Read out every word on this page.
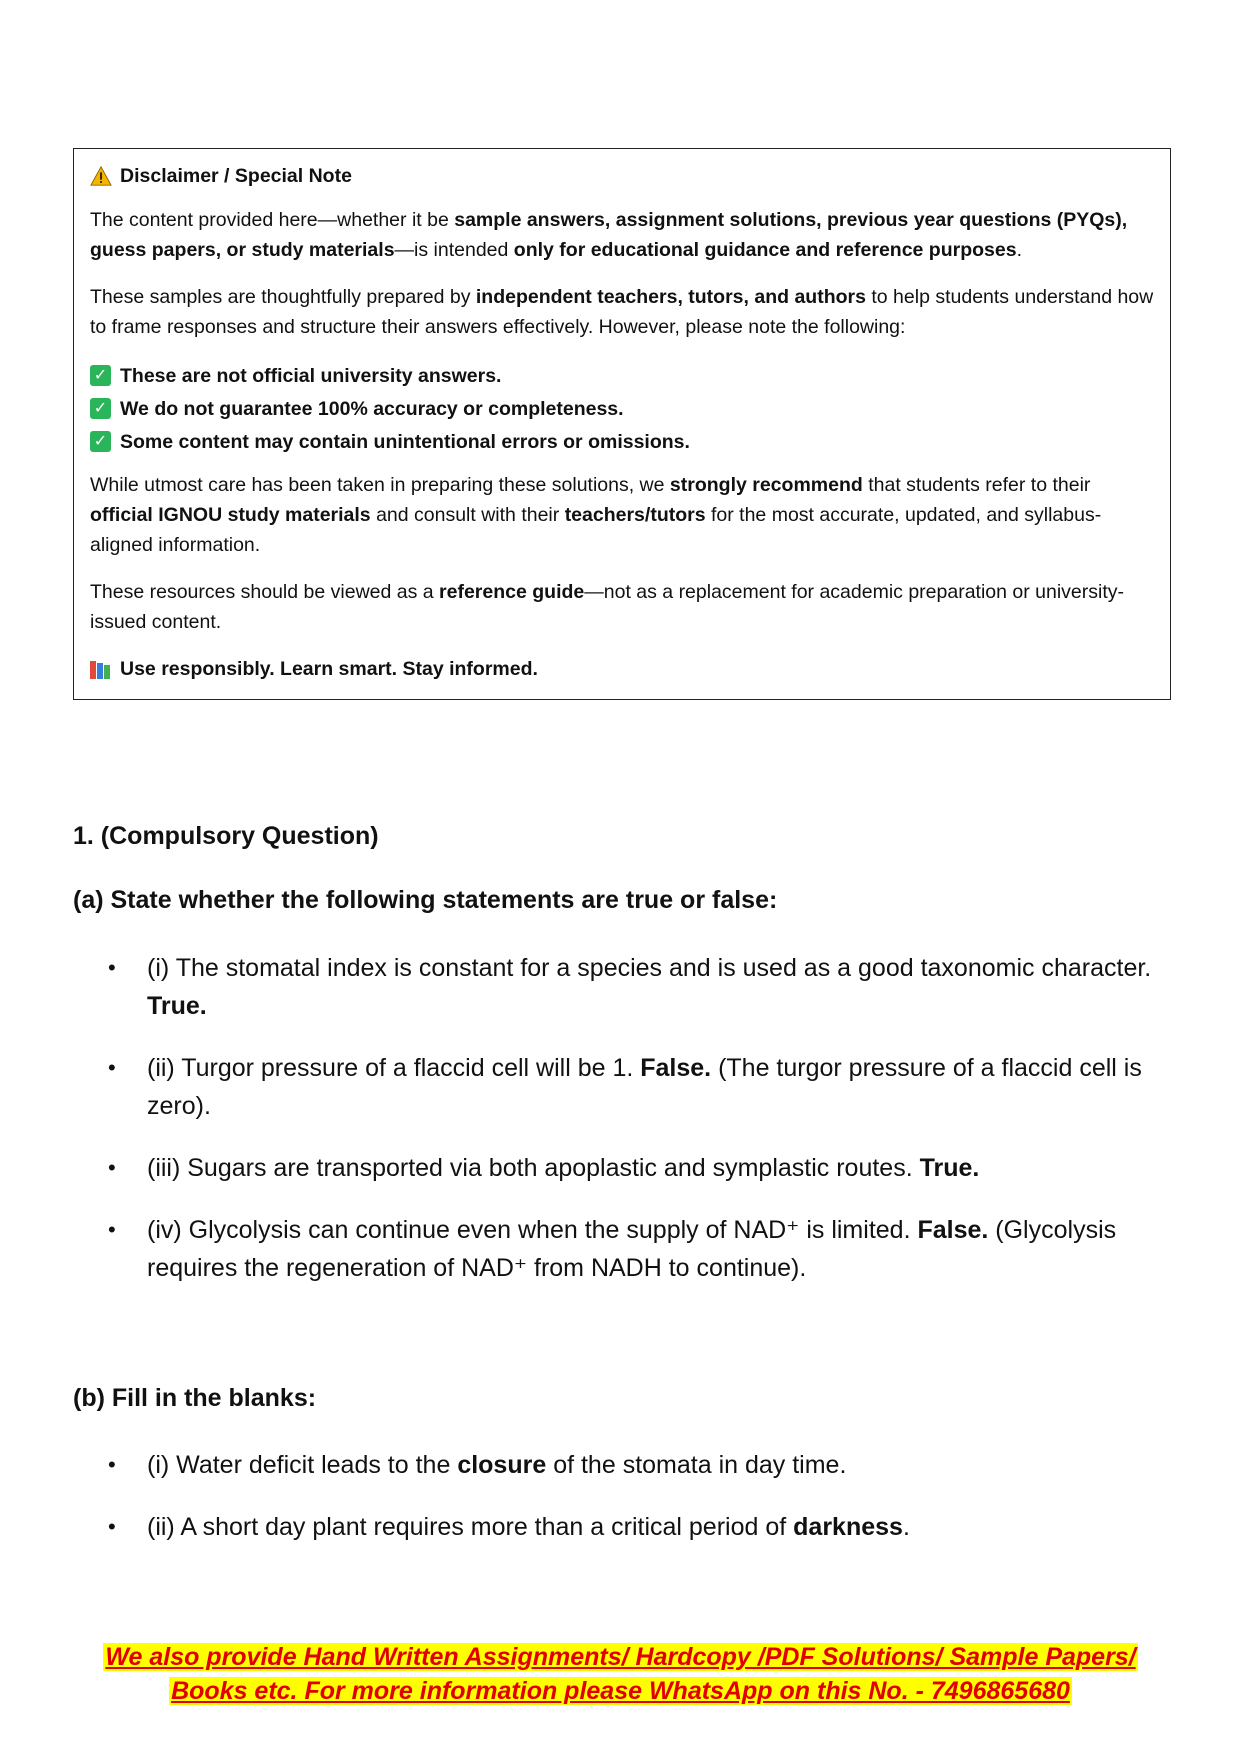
Disclaimer / Special Note

The content provided here—whether it be sample answers, assignment solutions, previous year questions (PYQs), guess papers, or study materials—is intended only for educational guidance and reference purposes.

These samples are thoughtfully prepared by independent teachers, tutors, and authors to help students understand how to frame responses and structure their answers effectively. However, please note the following:

✓ These are not official university answers.
✓ We do not guarantee 100% accuracy or completeness.
✓ Some content may contain unintentional errors or omissions.

While utmost care has been taken in preparing these solutions, we strongly recommend that students refer to their official IGNOU study materials and consult with their teachers/tutors for the most accurate, updated, and syllabus-aligned information.

These resources should be viewed as a reference guide—not as a replacement for academic preparation or university-issued content.

Use responsibly. Learn smart. Stay informed.
1. (Compulsory Question)
(a) State whether the following statements are true or false:
• (i) The stomatal index is constant for a species and is used as a good taxonomic character. True.
• (ii) Turgor pressure of a flaccid cell will be 1. False. (The turgor pressure of a flaccid cell is zero).
• (iii) Sugars are transported via both apoplastic and symplastic routes. True.
• (iv) Glycolysis can continue even when the supply of NAD⁺ is limited. False. (Glycolysis requires the regeneration of NAD⁺ from NADH to continue).
(b) Fill in the blanks:
• (i) Water deficit leads to the closure of the stomata in day time.
• (ii) A short day plant requires more than a critical period of darkness.
We also provide Hand Written Assignments/ Hardcopy /PDF Solutions/ Sample Papers/
Books etc. For more information please WhatsApp on this No. - 7496865680
